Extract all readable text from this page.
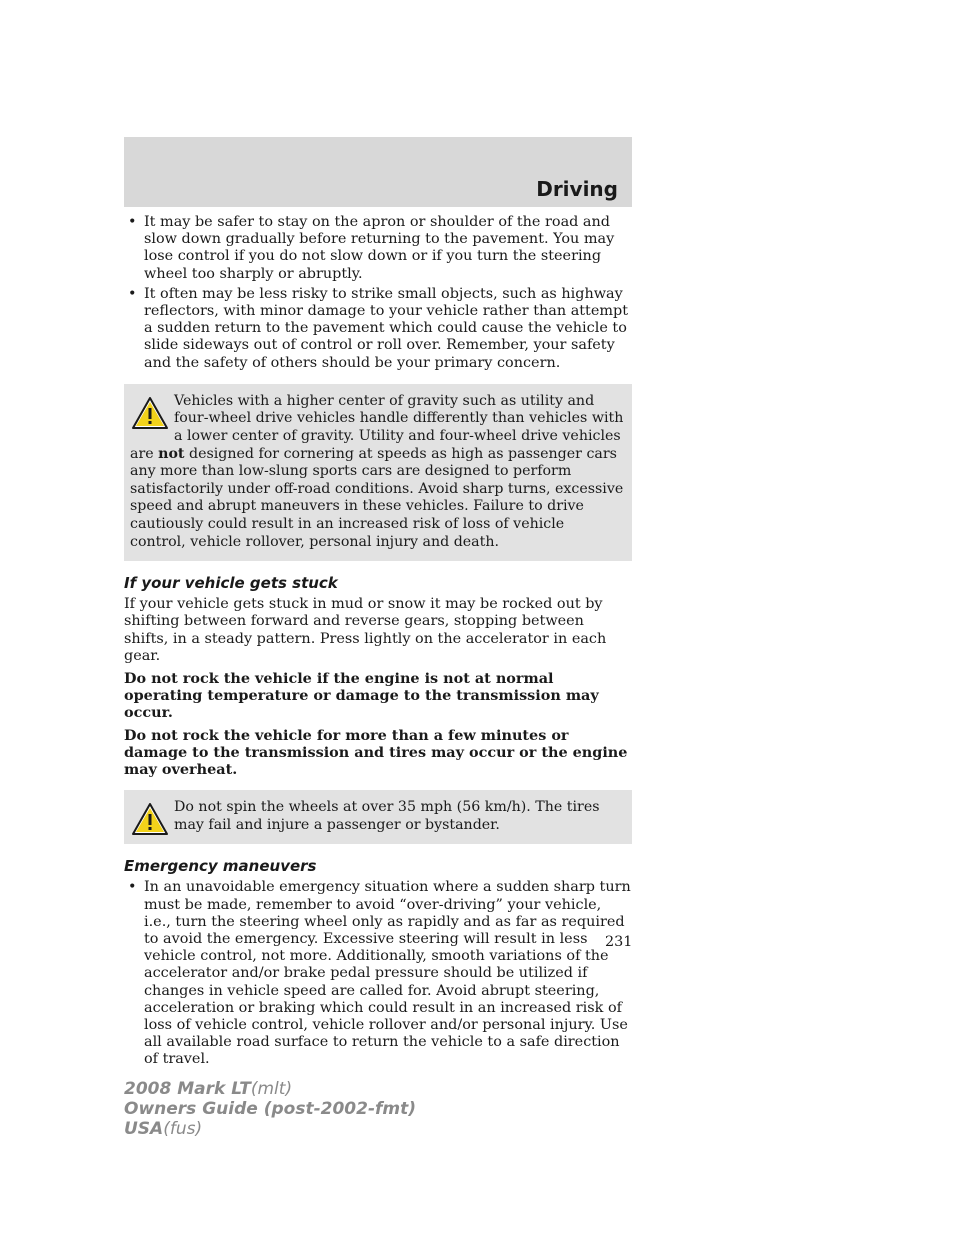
Driving
• It may be safer to stay on the apron or shoulder of the road and slow down gradually before returning to the pavement. You may lose control if you do not slow down or if you turn the steering wheel too sharply or abruptly.
• It often may be less risky to strike small objects, such as highway reflectors, with minor damage to your vehicle rather than attempt a sudden return to the pavement which could cause the vehicle to slide sideways out of control or roll over. Remember, your safety and the safety of others should be your primary concern.

Vehicles with a higher center of gravity such as utility and four-wheel drive vehicles handle differently than vehicles with a lower center of gravity. Utility and four-wheel drive vehicles are not designed for cornering at speeds as high as passenger cars any more than low-slung sports cars are designed to perform satisfactorily under off-road conditions. Avoid sharp turns, excessive speed and abrupt maneuvers in these vehicles. Failure to drive cautiously could result in an increased risk of loss of vehicle control, vehicle rollover, personal injury and death.

If your vehicle gets stuck

If your vehicle gets stuck in mud or snow it may be rocked out by shifting between forward and reverse gears, stopping between shifts, in a steady pattern. Press lightly on the accelerator in each gear.

Do not rock the vehicle if the engine is not at normal operating temperature or damage to the transmission may occur.

Do not rock the vehicle for more than a few minutes or damage to the transmission and tires may occur or the engine may overheat.

Do not spin the wheels at over 35 mph (56 km/h). The tires may fail and injure a passenger or bystander.

Emergency maneuvers
• In an unavoidable emergency situation where a sudden sharp turn must be made, remember to avoid “over-driving” your vehicle, i.e., turn the steering wheel only as rapidly and as far as required to avoid the emergency. Excessive steering will result in less vehicle control, not more. Additionally, smooth variations of the accelerator and/or brake pedal pressure should be utilized if changes in vehicle speed are called for. Avoid abrupt steering, acceleration or braking which could result in an increased risk of loss of vehicle control, vehicle rollover and/or personal injury. Use all available road surface to return the vehicle to a safe direction of travel.
231
2008 Mark LT(mlt)
Owners Guide (post-2002-fmt)
USA(fus)
